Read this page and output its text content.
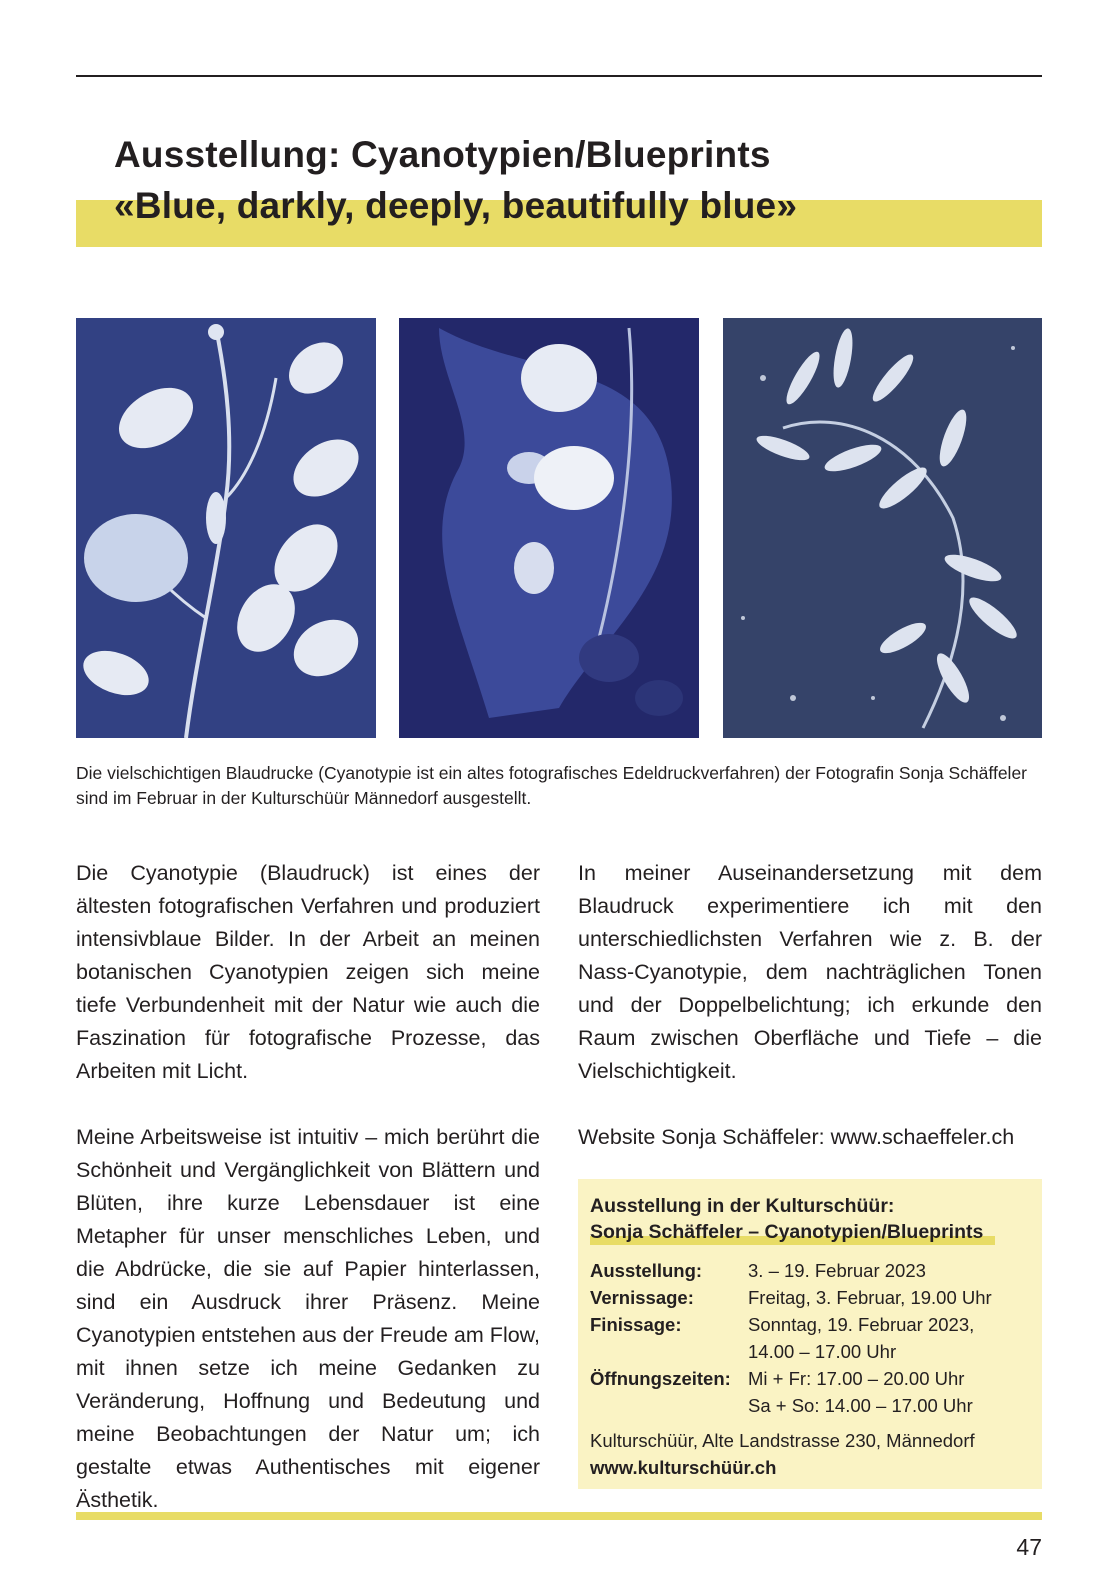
Ausstellung: Cyanotypien/Blueprints
«Blue, darkly, deeply, beautifully blue»
Die vielschichtigen Blaudrucke (Cyanotypie ist ein altes fotografisches Edeldruckverfahren) der Fotografin Sonja Schäffeler sind im Februar in der Kulturschüür Männedorf ausgestellt.

Die Cyanotypie (Blaudruck) ist eines der ältesten fotografischen Verfahren und produziert intensivblaue Bilder. In der Arbeit an meinen botanischen Cyanotypien zeigen sich meine tiefe Verbundenheit mit der Natur wie auch die Faszination für fotografische Prozesse, das Arbeiten mit Licht.

Meine Arbeitsweise ist intuitiv – mich berührt die Schönheit und Vergänglichkeit von Blättern und Blüten, ihre kurze Lebensdauer ist eine Metapher für unser menschliches Leben, und die Abdrücke, die sie auf Papier hinterlassen, sind ein Ausdruck ihrer Präsenz. Meine Cyanotypien entstehen aus der Freude am Flow, mit ihnen setze ich meine Gedanken zu Veränderung, Hoffnung und Bedeutung und meine Beobachtungen der Natur um; ich gestalte etwas Authentisches mit eigener Ästhetik.

In meiner Auseinandersetzung mit dem Blaudruck experimentiere ich mit den unterschiedlichsten Verfahren wie z. B. der Nass-Cyanotypie, dem nachträglichen Tonen und der Doppelbelichtung; ich erkunde den Raum zwischen Oberfläche und Tiefe – die Vielschichtigkeit.

Website Sonja Schäffeler: www.schaeffeler.ch

Ausstellung in der Kulturschüür:
Sonja Schäffeler – Cyanotypien/Blueprints
Ausstellung:	3. – 19. Februar 2023
Vernissage:	Freitag, 3. Februar, 19.00 Uhr
Finissage:	Sonntag, 19. Februar 2023,
14.00 – 17.00 Uhr
Öffnungszeiten: Mi + Fr: 17.00 – 20.00 Uhr
Sa + So: 14.00 – 17.00 Uhr
Kulturschüür, Alte Landstrasse 230, Männedorf
www.kulturschüür.ch
47
